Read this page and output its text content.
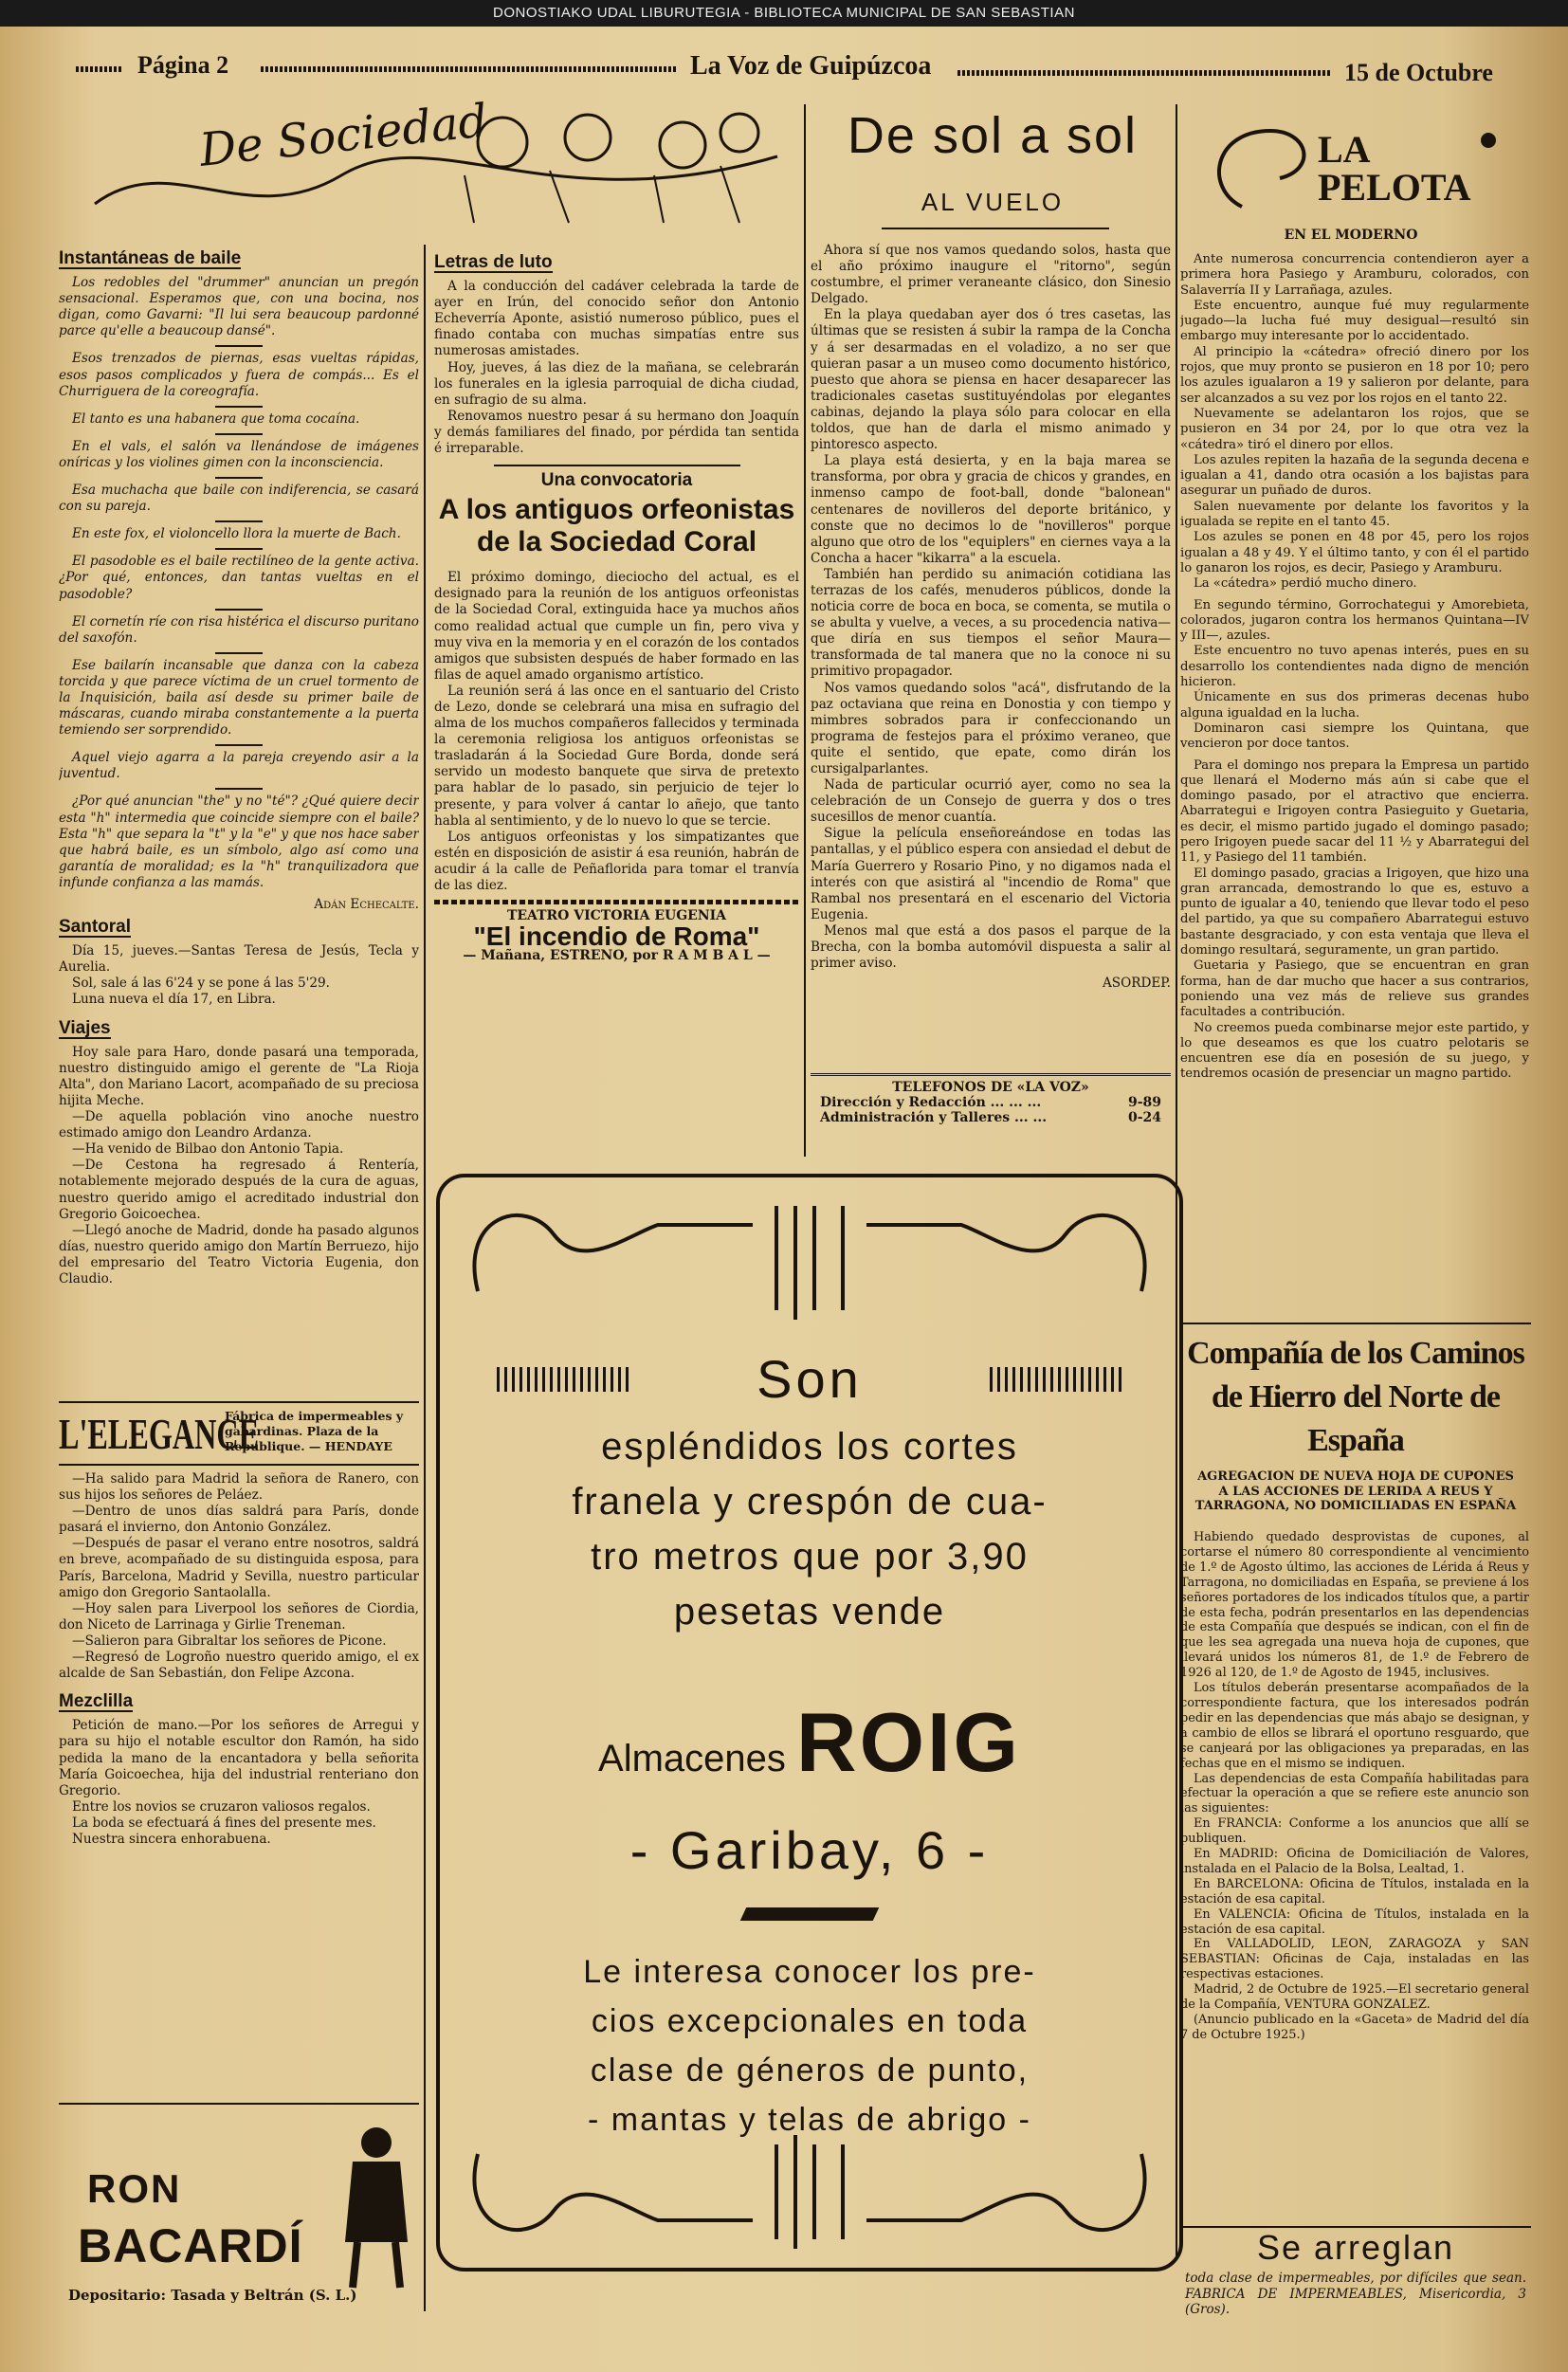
DONOSTIAKO UDAL LIBURUTEGIA - BIBLIOTECA MUNICIPAL DE SAN SEBASTIAN
Página 2	La Voz de Guipúzcoa	15 de Octubre
De Sociedad
Instantáneas de baile

Los redobles del "drummer" anuncian un pregón sensacional. Esperamos que, con una bocina, nos digan, como Gavarni: "Il lui sera beaucoup pardonné parce qu'elle a beaucoup dansé".

Esos trenzados de piernas, esas vueltas rápidas, esos pasos complicados y fuera de compás... Es el Churriguera de la coreografía.

El tanto es una habanera que toma cocaína.

En el vals, el salón va llenándose de imágenes oníricas y los violines gimen con la inconsciencia.

Esa muchacha que baile con indiferencia, se casará con su pareja.

En este fox, el violoncello llora la muerte de Bach.

El pasodoble es el baile rectilíneo de la gente activa. ¿Por qué, entonces, dan tantas vueltas en el pasodoble?

El cornetín ríe con risa histérica el discurso puritano del saxofón.

Ese bailarín incansable que danza con la cabeza torcida y que parece víctima de un cruel tormento de la Inquisición, baila así desde su primer baile de máscaras, cuando miraba constantemente a la puerta temiendo ser sorprendido.

Aquel viejo agarra a la pareja creyendo asir a la juventud.

¿Por qué anuncian "the" y no "té"? ¿Qué quiere decir esta "h" intermedia que coincide siempre con el baile? Esta "h" que separa la "t" y la "e" y que nos hace saber que habrá baile, es un símbolo, algo así como una garantía de moralidad; es la "h" tranquilizadora que infunde confianza a las mamás.

Adán Echecalte.
Santoral

Día 15, jueves.—Santas Teresa de Jesús, Tecla y Aurelia.

Sol, sale á las 6'24 y se pone á las 5'29.

Luna nueva el día 17, en Libra.

Viajes

Hoy sale para Haro, donde pasará una temporada, nuestro distinguido amigo el gerente de "La Rioja Alta", don Mariano Lacort, acompañado de su preciosa hijita Meche.

—De aquella población vino anoche nuestro estimado amigo don Leandro Ardanza.

—Ha venido de Bilbao don Antonio Tapia.

—De Cestona ha regresado á Rentería, notablemente mejorado después de la cura de aguas, nuestro querido amigo el acreditado industrial don Gregorio Goicoechea.

—Llegó anoche de Madrid, donde ha pasado algunos días, nuestro querido amigo don Martín Berruezo, hijo del empresario del Teatro Victoria Eugenia, don Claudio.

L'ELEGANCE
Fábrica de impermeables y gabardinas. Plaza de la Republique. — HENDAYE

—Ha salido para Madrid la señora de Ranero, con sus hijos los señores de Peláez.

—Dentro de unos días saldrá para París, donde pasará el invierno, don Antonio González.

—Después de pasar el verano entre nosotros, saldrá en breve, acompañado de su distinguida esposa, para París, Barcelona, Madrid y Sevilla, nuestro particular amigo don Gregorio Santaolalla.

—Hoy salen para Liverpool los señores de Ciordia, don Niceto de Larrinaga y Girlie Treneman.

—Salieron para Gibraltar los señores de Picone.

—Regresó de Logroño nuestro querido amigo, el ex alcalde de San Sebastián, don Felipe Azcona.

Mezclilla

Petición de mano.—Por los señores de Arregui y para su hijo el notable escultor don Ramón, ha sido pedida la mano de la encantadora y bella señorita María Goicoechea, hija del industrial renteriano don Gregorio.

Entre los novios se cruzaron valiosos regalos.

La boda se efectuará á fines del presente mes.

Nuestra sincera enhorabuena.

RON
BACARDÍ
Depositario: Tasada y Beltrán (S. L.)
Letras de luto

A la conducción del cadáver celebrada la tarde de ayer en Irún, del conocido señor don Antonio Echeverría Aponte, asistió numeroso público, pues el finado contaba con muchas simpatías entre sus numerosas amistades.

Hoy, jueves, á las diez de la mañana, se celebrarán los funerales en la iglesia parroquial de dicha ciudad, en sufragio de su alma.

Renovamos nuestro pesar á su hermano don Joaquín y demás familiares del finado, por pérdida tan sentida é irreparable.

Una convocatoria
A los antiguos orfeonistas de la Sociedad Coral

El próximo domingo, dieciocho del actual, es el designado para la reunión de los antiguos orfeonistas de la Sociedad Coral, extinguida hace ya muchos años como realidad actual que cumple un fin, pero viva y muy viva en la memoria y en el corazón de los contados amigos que subsisten después de haber formado en las filas de aquel amado organismo artístico.

La reunión será á las once en el santuario del Cristo de Lezo, donde se celebrará una misa en sufragio del alma de los muchos compañeros fallecidos y terminada la ceremonia religiosa los antiguos orfeonistas se trasladarán á la Sociedad Gure Borda, donde será servido un modesto banquete que sirva de pretexto para hablar de lo pasado, sin perjuicio de tejer lo presente, y para volver á cantar lo añejo, que tanto habla al sentimiento, y de lo nuevo lo que se tercie.

Los antiguos orfeonistas y los simpatizantes que estén en disposición de asistir á esa reunión, habrán de acudir á la calle de Peñaflorida para tomar el tranvía de las diez.

TEATRO VICTORIA EUGENIA
"El incendio de Roma"
— Mañana, ESTRENO, por R A M B A L —
De sol a sol
AL VUELO

Ahora sí que nos vamos quedando solos, hasta que el año próximo inaugure el "ritorno", según costumbre, el primer veraneante clásico, don Sinesio Delgado.

En la playa quedaban ayer dos ó tres casetas, las últimas que se resisten á subir la rampa de la Concha y á ser desarmadas en el voladizo, a no ser que quieran pasar a un museo como documento histórico, puesto que ahora se piensa en hacer desaparecer las tradicionales casetas sustituyéndolas por elegantes cabinas, dejando la playa sólo para colocar en ella toldos, que han de darla el mismo animado y pintoresco aspecto.

La playa está desierta, y en la baja marea se transforma, por obra y gracia de chicos y grandes, en inmenso campo de foot-ball, donde "balonean" centenares de novilleros del deporte británico, y conste que no decimos lo de "novilleros" porque alguno que otro de los "equiplers" en ciernes vaya a la Concha a hacer "kikarra" a la escuela.

También han perdido su animación cotidiana las terrazas de los cafés, menuderos públicos, donde la noticia corre de boca en boca, se comenta, se mutila o se abulta y vuelve, a veces, a su procedencia nativa—que diría en sus tiempos el señor Maura—transformada de tal manera que no la conoce ni su primitivo propagador.

Nos vamos quedando solos "acá", disfrutando de la paz octaviana que reina en Donostia y con tiempo y mimbres sobrados para ir confeccionando un programa de festejos para el próximo veraneo, que quite el sentido, que epate, como dirán los cursigalparlantes.

Nada de particular ocurrió ayer, como no sea la celebración de un Consejo de guerra y dos o tres sucesillos de menor cuantía.

Sigue la película enseñoreándose en todas las pantallas, y el público espera con ansiedad el debut de María Guerrero y Rosario Pino, y no digamos nada el interés con que asistirá al "incendio de Roma" que Rambal nos presentará en el escenario del Victoria Eugenia.

Menos mal que está a dos pasos el parque de la Brecha, con la bomba automóvil dispuesta a salir al primer aviso.

ASORDEP.
TELEFONOS DE «LA VOZ»
Dirección y Redacción ... ... ...	9-89
Administración y Talleres ... ...	0-24
LA PELOTA
EN EL MODERNO

Ante numerosa concurrencia contendieron ayer a primera hora Pasiego y Aramburu, colorados, con Salaverría II y Larrañaga, azules.

Este encuentro, aunque fué muy regularmente jugado—la lucha fué muy desigual—resultó sin embargo muy interesante por lo accidentado.

Al principio la «cátedra» ofreció dinero por los rojos, que muy pronto se pusieron en 18 por 10; pero los azules igualaron a 19 y salieron por delante, para ser alcanzados a su vez por los rojos en el tanto 22.

Nuevamente se adelantaron los rojos, que se pusieron en 34 por 24, por lo que otra vez la «cátedra» tiró el dinero por ellos.

Los azules repiten la hazaña de la segunda decena e igualan a 41, dando otra ocasión a los bajistas para asegurar un puñado de duros.

Salen nuevamente por delante los favoritos y la igualada se repite en el tanto 45.

Los azules se ponen en 48 por 45, pero los rojos igualan a 48 y 49. Y el último tanto, y con él el partido lo ganaron los rojos, es decir, Pasiego y Aramburu.

La «cátedra» perdió mucho dinero.

En segundo término, Gorrochategui y Amorebieta, colorados, jugaron contra los hermanos Quintana—IV y III—, azules.

Este encuentro no tuvo apenas interés, pues en su desarrollo los contendientes nada digno de mención hicieron.

Únicamente en sus dos primeras decenas hubo alguna igualdad en la lucha.

Dominaron casi siempre los Quintana, que vencieron por doce tantos.

Para el domingo nos prepara la Empresa un partido que llenará el Moderno más aún si cabe que el domingo pasado, por el atractivo que encierra. Abarrategui e Irigoyen contra Pasieguito y Guetaria, es decir, el mismo partido jugado el domingo pasado; pero Irigoyen puede sacar del 11 ½ y Abarrategui del 11, y Pasiego del 11 también.

El domingo pasado, gracias a Irigoyen, que hizo una gran arrancada, demostrando lo que es, estuvo a punto de igualar a 40, teniendo que llevar todo el peso del partido, ya que su compañero Abarrategui estuvo bastante desgraciado, y con esta ventaja que lleva el domingo resultará, seguramente, un gran partido.

Guetaria y Pasiego, que se encuentran en gran forma, han de dar mucho que hacer a sus contrarios, poniendo una vez más de relieve sus grandes facultades a contribución.

No creemos pueda combinarse mejor este partido, y lo que deseamos es que los cuatro pelotaris se encuentren ese día en posesión de su juego, y tendremos ocasión de presenciar un magno partido.

Compañía de los Caminos de Hierro del Norte de España
AGREGACION DE NUEVA HOJA DE CUPONES A LAS ACCIONES DE LERIDA A REUS Y TARRAGONA, NO DOMICILIADAS EN ESPAÑA

Habiendo quedado desprovistas de cupones, al cortarse el número 80 correspondiente al vencimiento de 1.º de Agosto último, las acciones de Lérida á Reus y Tarragona, no domiciliadas en España, se previene á los señores portadores de los indicados títulos que, a partir de esta fecha, podrán presentarlos en las dependencias de esta Compañía que después se indican, con el fin de que les sea agregada una nueva hoja de cupones, que llevará unidos los números 81, de 1.º de Febrero de 1926 al 120, de 1.º de Agosto de 1945, inclusives.

Los títulos deberán presentarse acompañados de la correspondiente factura, que los interesados podrán pedir en las dependencias que más abajo se designan, y a cambio de ellos se librará el oportuno resguardo, que se canjeará por las obligaciones ya preparadas, en las fechas que en el mismo se indiquen.

Las dependencias de esta Compañía habilitadas para efectuar la operación a que se refiere este anuncio son las siguientes:

En FRANCIA: Conforme a los anuncios que allí se publiquen.

En MADRID: Oficina de Domiciliación de Valores, instalada en el Palacio de la Bolsa, Lealtad, 1.

En BARCELONA: Oficina de Títulos, instalada en la estación de esa capital.

En VALENCIA: Oficina de Títulos, instalada en la estación de esa capital.

En VALLADOLID, LEON, ZARAGOZA y SAN SEBASTIAN: Oficinas de Caja, instaladas en las respectivas estaciones.

Madrid, 2 de Octubre de 1925.—El secretario general de la Compañía, VENTURA GONZALEZ.

(Anuncio publicado en la «Gaceta» de Madrid del día 7 de Octubre 1925.)

Se arreglan
toda clase de impermeables, por difíciles que sean. FABRICA DE IMPERMEABLES, Misericordia, 3 (Gros).
Son
espléndidos los cortes
franela y crespón de cua-
tro metros que por 3,90
pesetas vende
Almacenes ROIG
- Garibay, 6 -
Le interesa conocer los pre-
cios excepcionales en toda
clase de géneros de punto,
- mantas y telas de abrigo -
